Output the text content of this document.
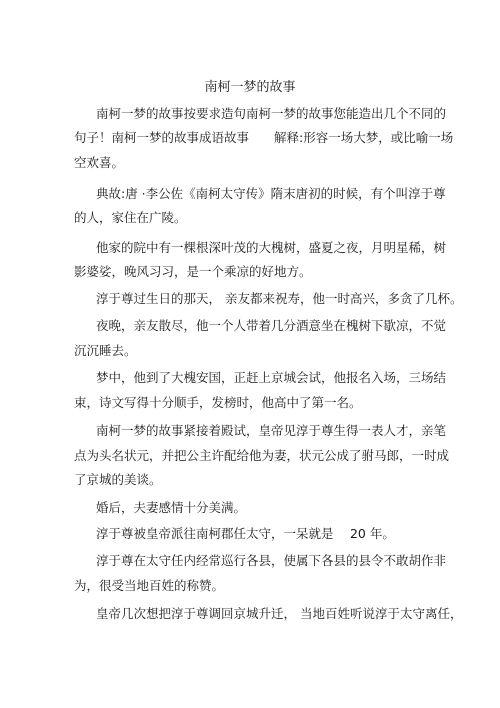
南柯一梦的故事
南柯一梦的故事按要求造句南柯一梦的故事您能造出几个不同的
句子！南柯一梦的故事成语故事　　解释:形容一场大梦，或比喻一场
空欢喜。
典故:唐 ·李公佐《南柯太守传》隋末唐初的时候，有个叫淳于尊
的人，家住在广陵。
他家的院中有一棵根深叶茂的大槐树，盛夏之夜，月明星稀，树
影婆娑，晚风习习，是一个乘凉的好地方。
淳于尊过生日的那天， 亲友都来祝寿，他一时高兴，多贪了几杯。
夜晚，亲友散尽，他一个人带着几分酒意坐在槐树下歇凉，不觉
沉沉睡去。
梦中，他到了大槐安国，正赶上京城会试，他报名入场，三场结
束，诗文写得十分顺手，发榜时，他高中了第一名。
南柯一梦的故事紧接着殿试，皇帝见淳于尊生得一表人才，亲笔
点为头名状元，并把公主许配给他为妻，状元公成了驸马郎，一时成
了京城的美谈。
婚后，夫妻感情十分美满。
淳于尊被皇帝派往南柯郡任太守，一呆就是　 20 年。
淳于尊在太守任内经常巡行各县，使属下各县的县令不敢胡作非
为，很受当地百姓的称赞。
皇帝几次想把淳于尊调回京城升迁， 当地百姓听说淳于太守离任，
